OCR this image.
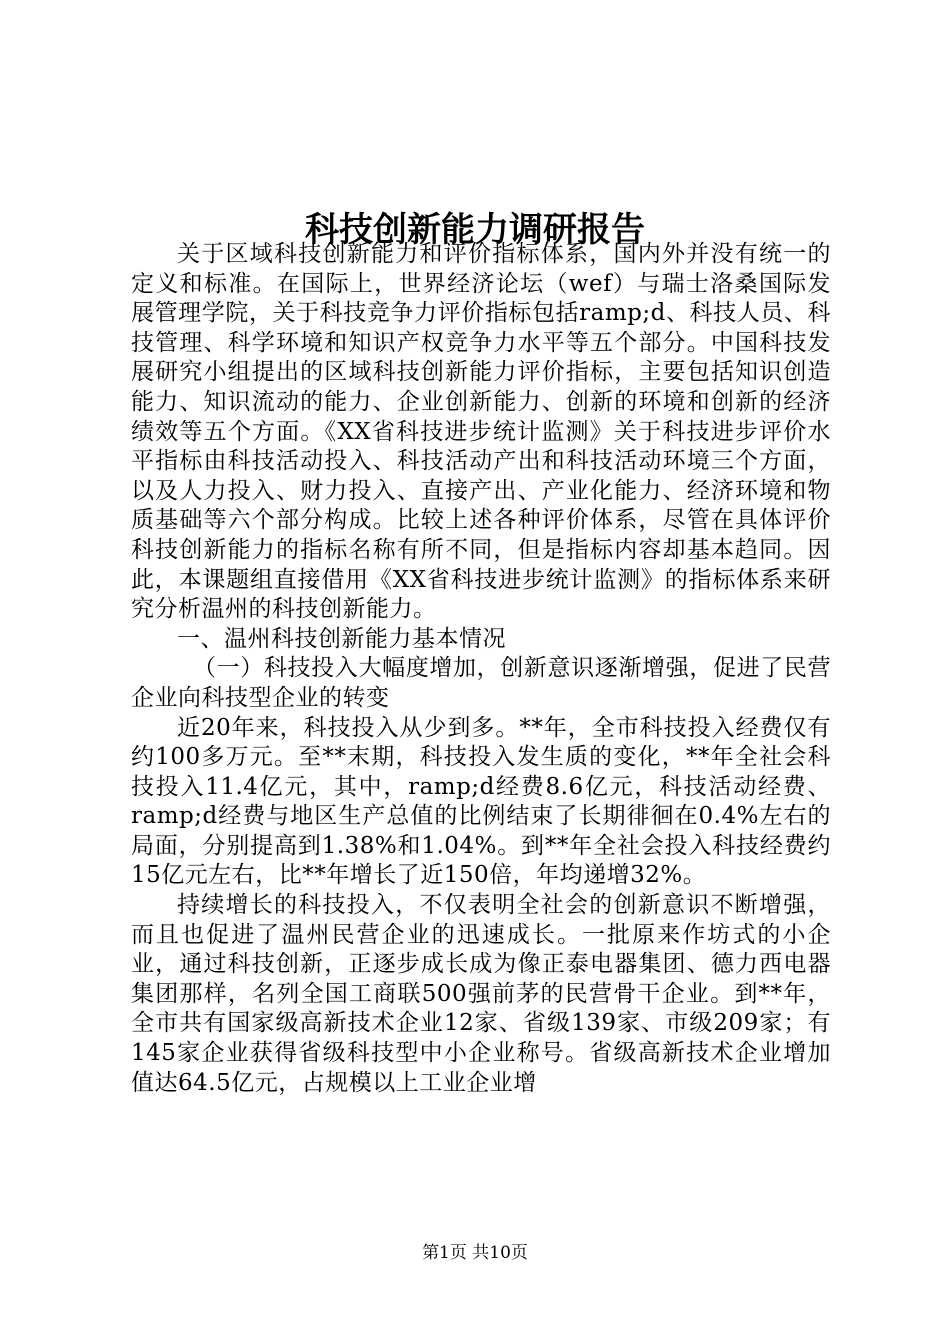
科技创新能力调研报告

关于区域科技创新能力和评价指标体系，国内外并没有统一的定义和标准。在国际上，世界经济论坛（wef）与瑞士洛桑国际发展管理学院，关于科技竞争力评价指标包括ramp;d、科技人员、科技管理、科学环境和知识产权竞争力水平等五个部分。中国科技发展研究小组提出的区域科技创新能力评价指标，主要包括知识创造能力、知识流动的能力、企业创新能力、创新的环境和创新的经济绩效等五个方面。《XX省科技进步统计监测》关于科技进步评价水平指标由科技活动投入、科技活动产出和科技活动环境三个方面，以及人力投入、财力投入、直接产出、产业化能力、经济环境和物质基础等六个部分构成。比较上述各种评价体系，尽管在具体评价科技创新能力的指标名称有所不同，但是指标内容却基本趋同。因此，本课题组直接借用《XX省科技进步统计监测》的指标体系来研究分析温州的科技创新能力。

一、温州科技创新能力基本情况

（一）科技投入大幅度增加，创新意识逐渐增强，促进了民营企业向科技型企业的转变

近20年来，科技投入从少到多。**年，全市科技投入经费仅有约100多万元。至**末期，科技投入发生质的变化，**年全社会科技投入11.4亿元，其中，ramp;d经费8.6亿元，科技活动经费、ramp;d经费与地区生产总值的比例结束了长期徘徊在0.4%左右的局面，分别提高到1.38%和1.04%。到**年全社会投入科技经费约15亿元左右，比**年增长了近150倍，年均递增32%。

持续增长的科技投入，不仅表明全社会的创新意识不断增强，而且也促进了温州民营企业的迅速成长。一批原来作坊式的小企业，通过科技创新，正逐步成长成为像正泰电器集团、德力西电器集团那样，名列全国工商联500强前茅的民营骨干企业。到**年，全市共有国家级高新技术企业12家、省级139家、市级209家；有145家企业获得省级科技型中小企业称号。省级高新技术企业增加值达64.5亿元，占规模以上工业企业增

第1页 共10页
